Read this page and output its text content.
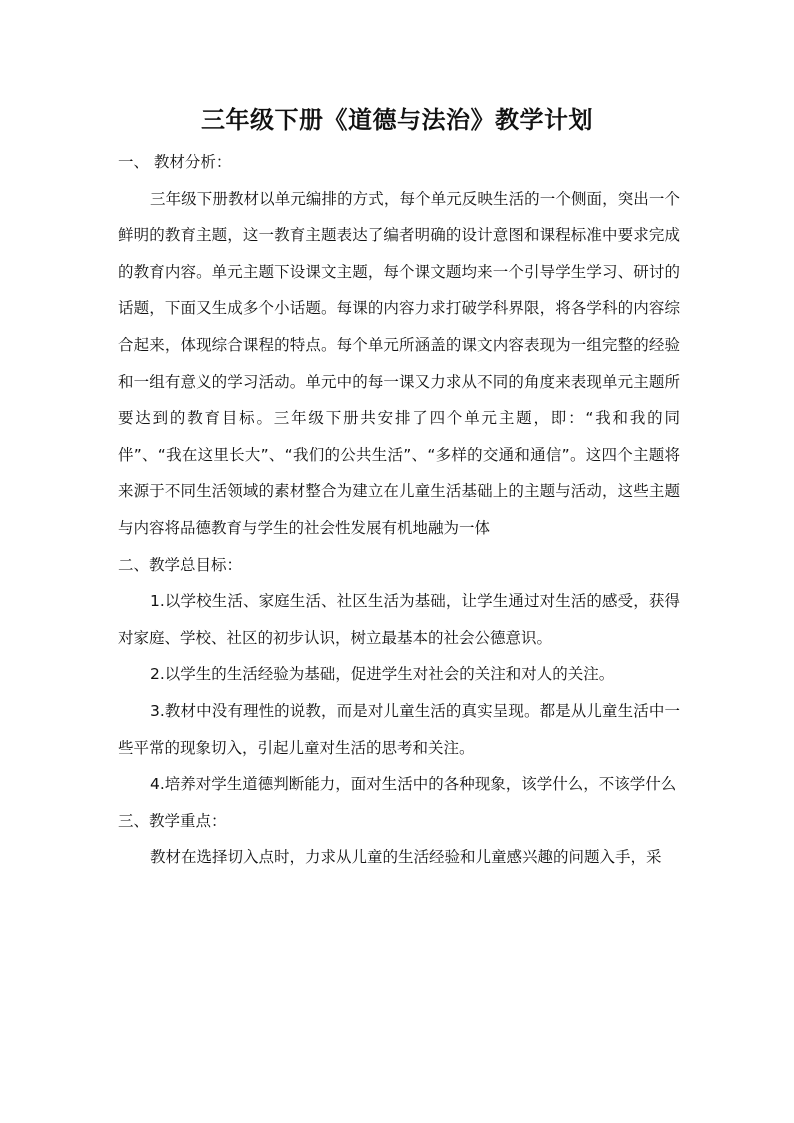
三年级下册《道德与法治》教学计划

一、 教材分析：

三年级下册教材以单元编排的方式，每个单元反映生活的一个侧面，突出一个鲜明的教育主题，这一教育主题表达了编者明确的设计意图和课程标准中要求完成的教育内容。单元主题下设课文主题，每个课文题均来一个引导学生学习、研讨的话题，下面又生成多个小话题。每课的内容力求打破学科界限，将各学科的内容综合起来，体现综合课程的特点。每个单元所涵盖的课文内容表现为一组完整的经验和一组有意义的学习活动。单元中的每一课又力求从不同的角度来表现单元主题所要达到的教育目标。三年级下册共安排了四个单元主题，即：“我和我的同伴”、“我在这里长大”、“我们的公共生活”、“多样的交通和通信”。这四个主题将来源于不同生活领域的素材整合为建立在儿童生活基础上的主题与活动，这些主题与内容将品德教育与学生的社会性发展有机地融为一体

二、教学总目标：

1.以学校生活、家庭生活、社区生活为基础，让学生通过对生活的感受，获得对家庭、学校、社区的初步认识，树立最基本的社会公德意识。

2.以学生的生活经验为基础，促进学生对社会的关注和对人的关注。

3.教材中没有理性的说教，而是对儿童生活的真实呈现。都是从儿童生活中一些平常的现象切入，引起儿童对生活的思考和关注。

4.培养对学生道德判断能力，面对生活中的各种现象，该学什么，不该学什么

三、教学重点：

教材在选择切入点时，力求从儿童的生活经验和儿童感兴趣的问题入手，采
